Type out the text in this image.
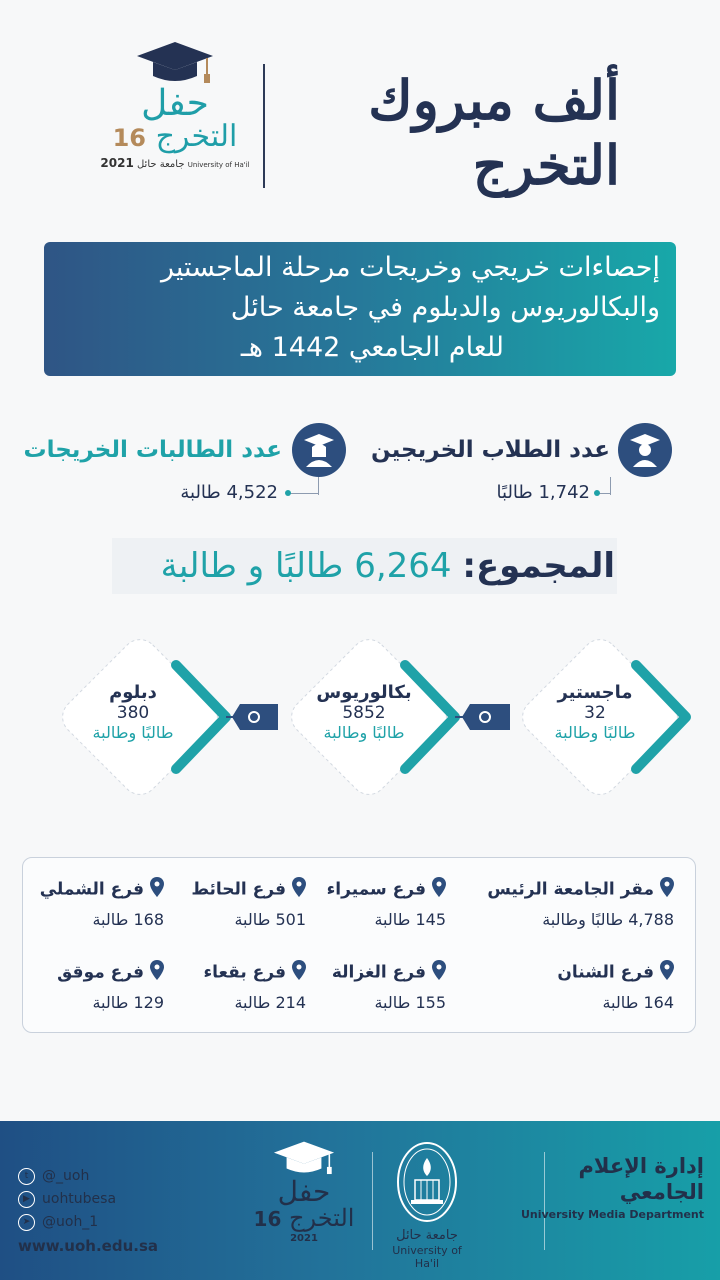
حفل
التخرج 16
2021 جامعة حائل University of Ha'il
ألف مبروك التخرج
إحصاءات خريجي وخريجات مرحلة الماجستير
والبكالوريوس والدبلوم في جامعة حائل
للعام الجامعي 1442 هـ
عدد الطلاب الخريجين
1,742 طالبًا
عدد الطالبات الخريجات
4,522 طالبة
المجموع: 6,264 طالبًا و طالبة
ماجستير
32
طالبًا وطالبة
بكالوريوس
5852
طالبًا وطالبة
دبلوم
380
طالبًا وطالبة
مقر الجامعة الرئيس
4,788 طالبًا وطالبة
فرع سميراء
145 طالبة
فرع الحائط
501 طالبة
فرع الشملي
168 طالبة
فرع الشنان
164 طالبة
فرع الغزالة
155 طالبة
فرع بقعاء
214 طالبة
فرع موقق
129 طالبة
t @_uoh
▶ uohtubesa
➤ @uoh_1
www.uoh.edu.sa
حفل
التخرج 16
2021	جامعة حائل
University of Ha'il
إدارة الإعلام
الجامعي
University Media Department
